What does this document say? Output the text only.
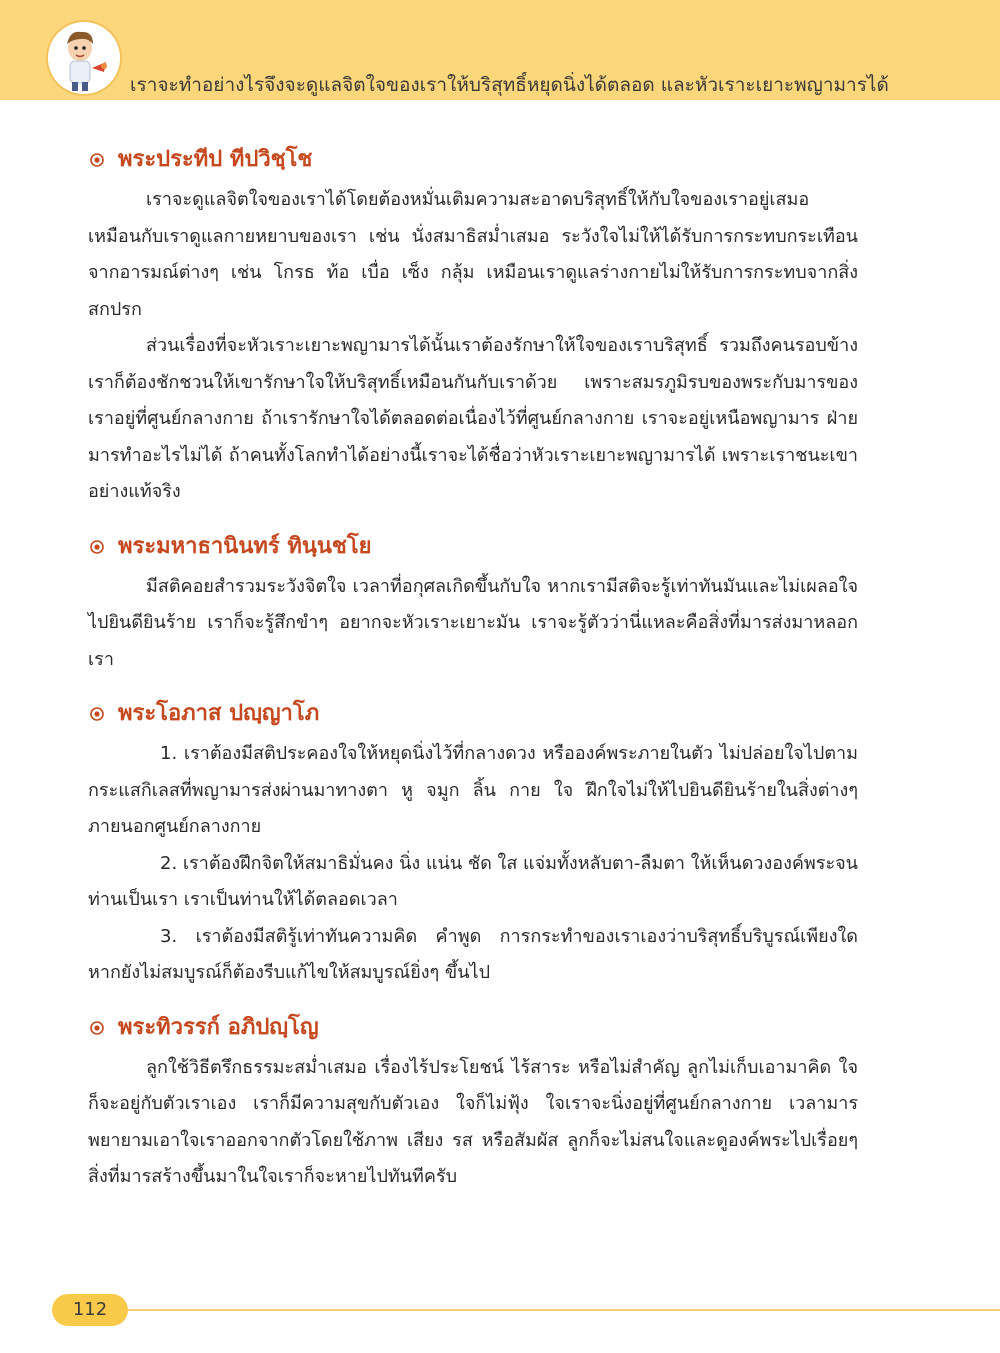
เราจะทำอย่างไรจึงจะดูแลจิตใจของเราให้บริสุทธิ์หยุดนิ่งได้ตลอด และหัวเราะเยาะพญามารได้
พระประทีป ทีปวิชฺโช

เราจะดูแลจิตใจของเราได้โดยต้องหมั่นเติมความสะอาดบริสุทธิ์ให้กับใจของเราอยู่เสมอ เหมือนกับเราดูแลกายหยาบของเรา เช่น นั่งสมาธิสม่ำเสมอ ระวังใจไม่ให้ได้รับการกระทบกระเทือนจากอารมณ์ต่างๆ เช่น โกรธ ท้อ เบื่อ เซ็ง กลุ้ม เหมือนเราดูแลร่างกายไม่ให้รับการกระทบจากสิ่งสกปรก

ส่วนเรื่องที่จะหัวเราะเยาะพญามารได้นั้นเราต้องรักษาให้ใจของเราบริสุทธิ์ รวมถึงคนรอบข้างเราก็ต้องชักชวนให้เขารักษาใจให้บริสุทธิ์เหมือนกันกับเราด้วย เพราะสมรภูมิรบของพระกับมารของเราอยู่ที่ศูนย์กลางกาย ถ้าเรารักษาใจได้ตลอดต่อเนื่องไว้ที่ศูนย์กลางกาย เราจะอยู่เหนือพญามาร ฝ่ายมารทำอะไรไม่ได้ ถ้าคนทั้งโลกทำได้อย่างนี้เราจะได้ชื่อว่าหัวเราะเยาะพญามารได้ เพราะเราชนะเขาอย่างแท้จริง

พระมหาธานินทร์ ทินฺนชโย

มีสติคอยสำรวมระวังจิตใจ เวลาที่อกุศลเกิดขึ้นกับใจ หากเรามีสติจะรู้เท่าทันมันและไม่เผลอใจไปยินดียินร้าย เราก็จะรู้สึกขำๆ อยากจะหัวเราะเยาะมัน เราจะรู้ตัวว่านี่แหละคือสิ่งที่มารส่งมาหลอกเรา

พระโอภาส ปญฺญาโภ

1. เราต้องมีสติประคองใจให้หยุดนิ่งไว้ที่กลางดวง หรือองค์พระภายในตัว ไม่ปล่อยใจไปตามกระแสกิเลสที่พญามารส่งผ่านมาทางตา หู จมูก ลิ้น กาย ใจ ฝึกใจไม่ให้ไปยินดียินร้ายในสิ่งต่างๆ ภายนอกศูนย์กลางกาย

2. เราต้องฝึกจิตให้สมาธิมั่นคง นิ่ง แน่น ชัด ใส แจ่มทั้งหลับตา-ลืมตา ให้เห็นดวงองค์พระจนท่านเป็นเรา เราเป็นท่านให้ได้ตลอดเวลา

3. เราต้องมีสติรู้เท่าทันความคิด คำพูด การกระทำของเราเองว่าบริสุทธิ์บริบูรณ์เพียงใด หากยังไม่สมบูรณ์ก็ต้องรีบแก้ไขให้สมบูรณ์ยิ่งๆ ขึ้นไป

พระทิวรรก์ อภิปญฺโญ

ลูกใช้วิธีตรึกธรรมะสม่ำเสมอ เรื่องไร้ประโยชน์ ไร้สาระ หรือไม่สำคัญ ลูกไม่เก็บเอามาคิด ใจก็จะอยู่กับตัวเราเอง เราก็มีความสุขกับตัวเอง ใจก็ไม่ฟุ้ง ใจเราจะนิ่งอยู่ที่ศูนย์กลางกาย เวลามารพยายามเอาใจเราออกจากตัวโดยใช้ภาพ เสียง รส หรือสัมผัส ลูกก็จะไม่สนใจและดูองค์พระไปเรื่อยๆ สิ่งที่มารสร้างขึ้นมาในใจเราก็จะหายไปทันทีครับ

112
